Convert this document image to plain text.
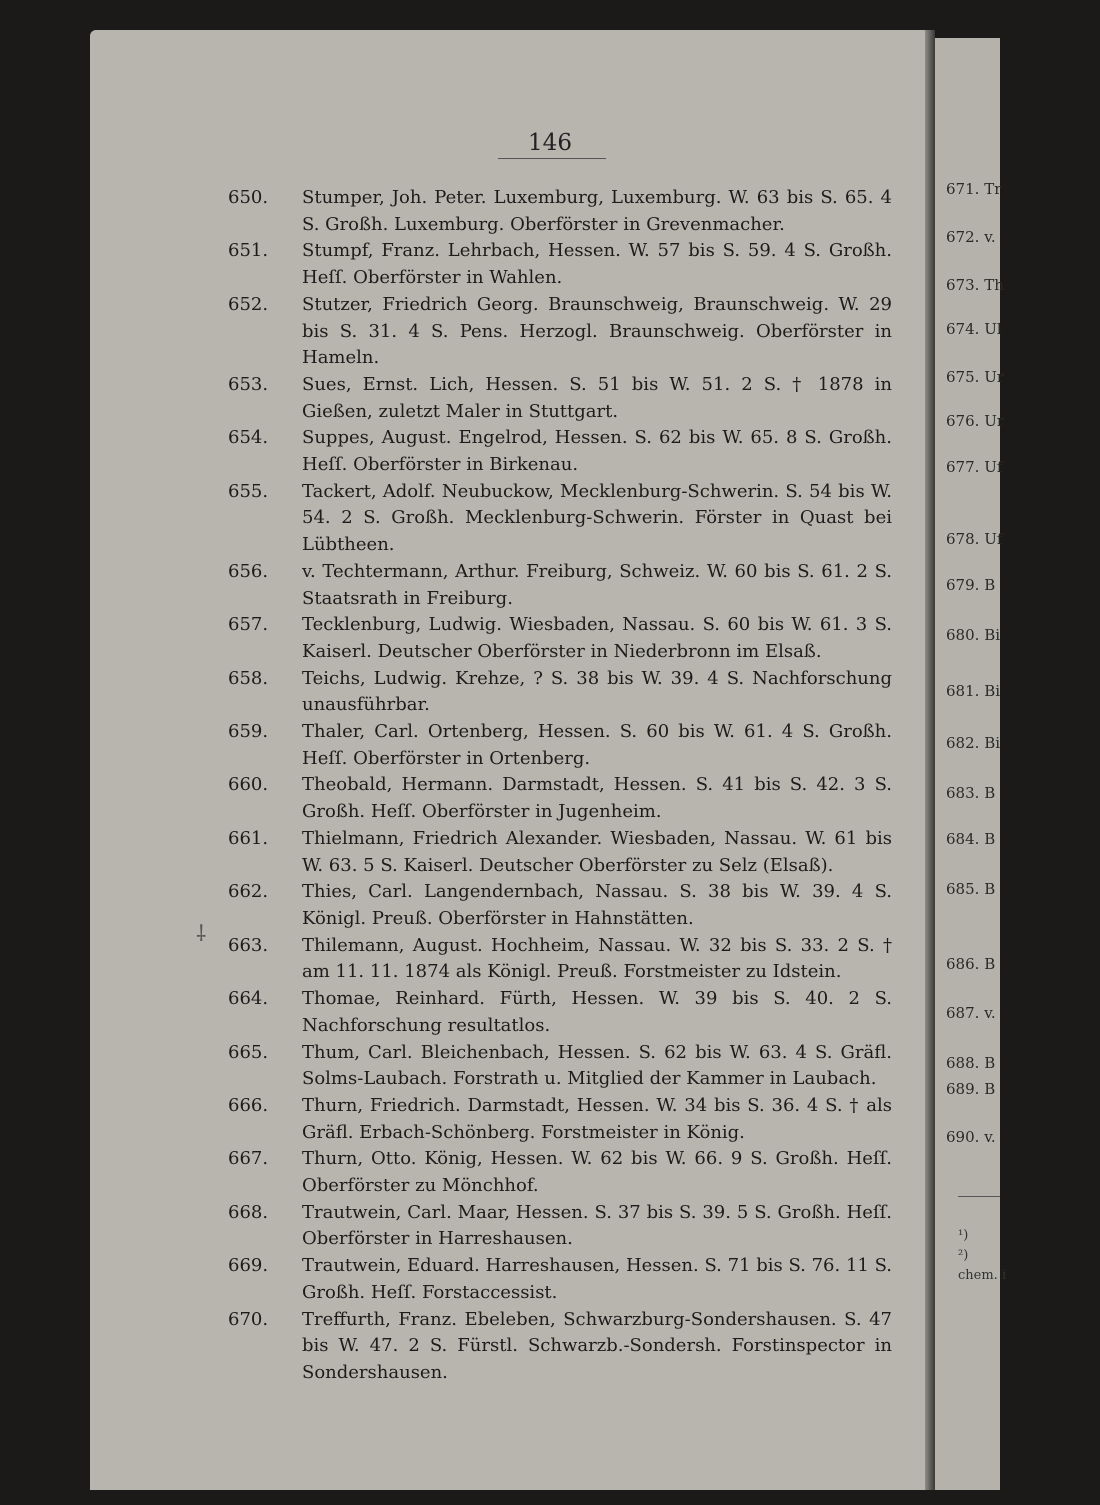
146
⸸
650.	Stumper, Joh. Peter. Luxemburg, Luxemburg. W. 63 bis S. 65. 4 S. Großh. Luxemburg. Oberförster in Grevenmacher.
651.	Stumpf, Franz. Lehrbach, Hessen. W. 57 bis S. 59. 4 S. Großh. Heſſ. Oberförster in Wahlen.
652.	Stutzer, Friedrich Georg. Braunschweig, Braunschweig. W. 29 bis S. 31. 4 S. Pens. Herzogl. Braunschweig. Oberförster in Hameln.
653.	Sues, Ernst. Lich, Hessen. S. 51 bis W. 51. 2 S. † 1878 in Gießen, zuletzt Maler in Stuttgart.
654.	Suppes, August. Engelrod, Hessen. S. 62 bis W. 65. 8 S. Großh. Heſſ. Oberförster in Birkenau.
655.	Tackert, Adolf. Neubuckow, Mecklenburg-Schwerin. S. 54 bis W. 54. 2 S. Großh. Mecklenburg-Schwerin. Förster in Quast bei Lübtheen.
656.	v. Techtermann, Arthur. Freiburg, Schweiz. W. 60 bis S. 61. 2 S. Staatsrath in Freiburg.
657.	Tecklenburg, Ludwig. Wiesbaden, Nassau. S. 60 bis W. 61. 3 S. Kaiserl. Deutscher Oberförster in Niederbronn im Elsaß.
658.	Teichs, Ludwig. Krehze, ? S. 38 bis W. 39. 4 S. Nachforschung unausführbar.
659.	Thaler, Carl. Ortenberg, Hessen. S. 60 bis W. 61. 4 S. Großh. Heſſ. Oberförster in Ortenberg.
660.	Theobald, Hermann. Darmstadt, Hessen. S. 41 bis S. 42. 3 S. Großh. Heſſ. Oberförster in Jugenheim.
661.	Thielmann, Friedrich Alexander. Wiesbaden, Nassau. W. 61 bis W. 63. 5 S. Kaiserl. Deutscher Oberförster zu Selz (Elsaß).
662.	Thies, Carl. Langendernbach, Nassau. S. 38 bis W. 39. 4 S. Königl. Preuß. Oberförster in Hahnstätten.
663.	Thilemann, August. Hochheim, Nassau. W. 32 bis S. 33. 2 S. † am 11. 11. 1874 als Königl. Preuß. Forstmeister zu Idstein.
664.	Thomae, Reinhard. Fürth, Hessen. W. 39 bis S. 40. 2 S. Nachforschung resultatlos.
665.	Thum, Carl. Bleichenbach, Hessen. S. 62 bis W. 63. 4 S. Gräfl. Solms-Laubach. Forstrath u. Mitglied der Kammer in Laubach.
666.	Thurn, Friedrich. Darmstadt, Hessen. W. 34 bis S. 36. 4 S. † als Gräfl. Erbach-Schönberg. Forstmeister in König.
667.	Thurn, Otto. König, Hessen. W. 62 bis W. 66. 9 S. Großh. Heſſ. Oberförster zu Mönchhof.
668.	Trautwein, Carl. Maar, Hessen. S. 37 bis S. 39. 5 S. Großh. Heſſ. Oberförster in Harreshausen.
669.	Trautwein, Eduard. Harreshausen, Hessen. S. 71 bis S. 76. 11 S. Großh. Heſſ. Forstaccessist.
670.	Treffurth, Franz. Ebeleben, Schwarzburg-Sondershausen. S. 47 bis W. 47. 2 S. Fürstl. Schwarzb.-Sondersh. Forstinspector in Sondershausen.
671. Tr
672. v.
673. Th
674. Ul
675. Ur
676. Ur
677. Uf
678. Uf
679. B
680. Bi
681. Bi
682. Bi
683. B
684. B
685. B
686. B
687. v.
688. B
689. B
690. v.
¹)
²)
chem. i
